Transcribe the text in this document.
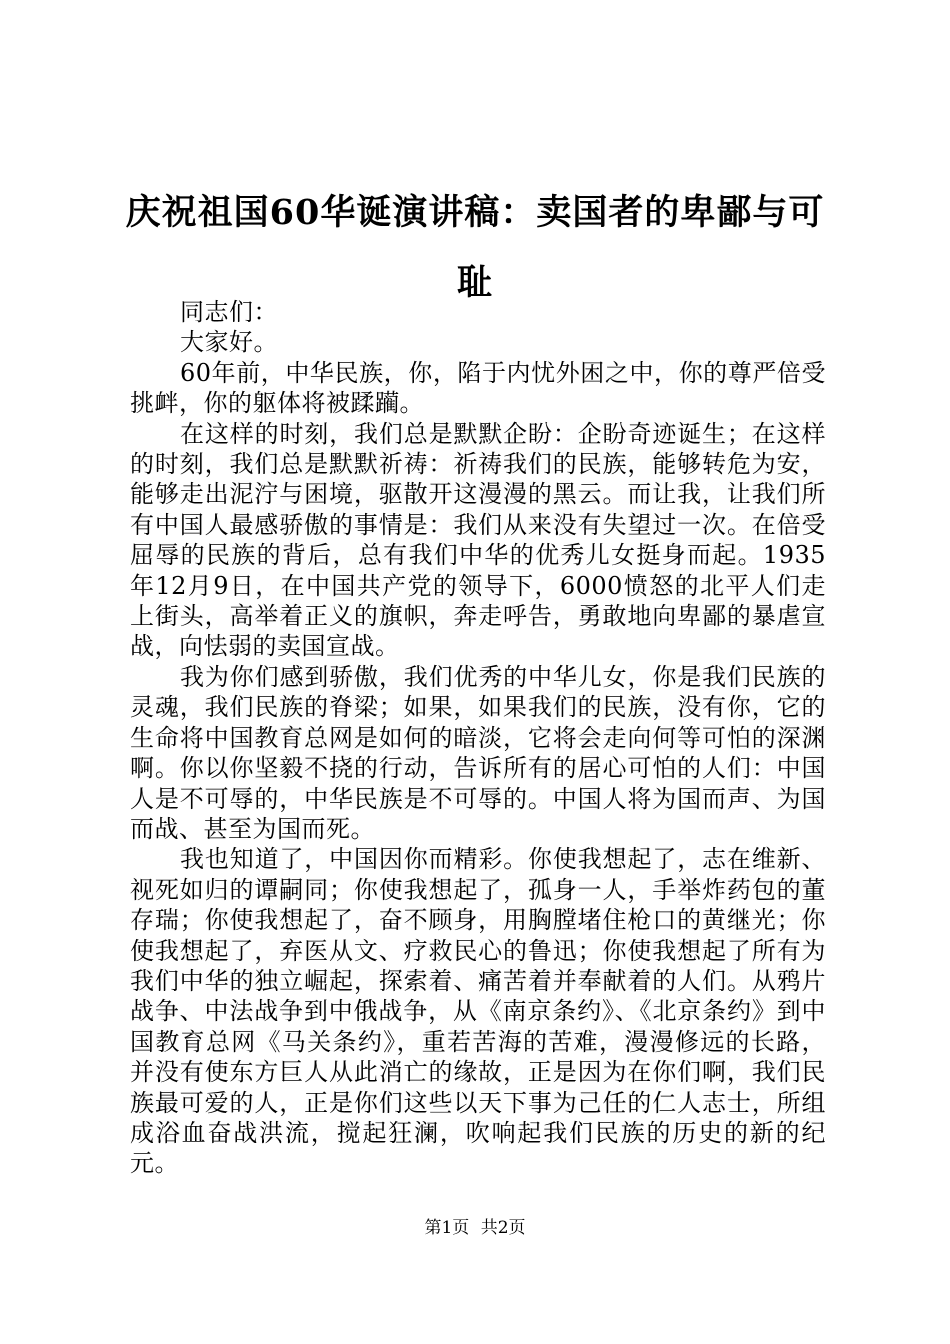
庆祝祖国60华诞演讲稿：卖国者的卑鄙与可耻

同志们：

大家好。

60年前，中华民族，你，陷于内忧外困之中，你的尊严倍受挑衅，你的躯体将被蹂躏。

在这样的时刻，我们总是默默企盼：企盼奇迹诞生；在这样的时刻，我们总是默默祈祷：祈祷我们的民族，能够转危为安，能够走出泥泞与困境，驱散开这漫漫的黑云。而让我，让我们所有中国人最感骄傲的事情是：我们从来没有失望过一次。在倍受屈辱的民族的背后，总有我们中华的优秀儿女挺身而起。1935年12月9日，在中国共产党的领导下，6000愤怒的北平人们走上街头，高举着正义的旗帜，奔走呼告，勇敢地向卑鄙的暴虐宣战，向怯弱的卖国宣战。

我为你们感到骄傲，我们优秀的中华儿女，你是我们民族的灵魂，我们民族的脊梁；如果，如果我们的民族，没有你，它的生命将中国教育总网是如何的暗淡，它将会走向何等可怕的深渊啊。你以你坚毅不挠的行动，告诉所有的居心可怕的人们：中国人是不可辱的，中华民族是不可辱的。中国人将为国而声、为国而战、甚至为国而死。

我也知道了，中国因你而精彩。你使我想起了，志在维新、视死如归的谭嗣同；你使我想起了，孤身一人，手举炸药包的董存瑞；你使我想起了，奋不顾身，用胸膛堵住枪口的黄继光；你使我想起了，弃医从文、疗救民心的鲁迅；你使我想起了所有为我们中华的独立崛起，探索着、痛苦着并奉献着的人们。从鸦片战争、中法战争到中俄战争，从《南京条约》、《北京条约》到中国教育总网《马关条约》，重若苦海的苦难，漫漫修远的长路，并没有使东方巨人从此消亡的缘故，正是因为在你们啊，我们民族最可爱的人，正是你们这些以天下事为己任的仁人志士，所组成浴血奋战洪流，搅起狂澜，吹响起我们民族的历史的新的纪元。

第1页 共2页
